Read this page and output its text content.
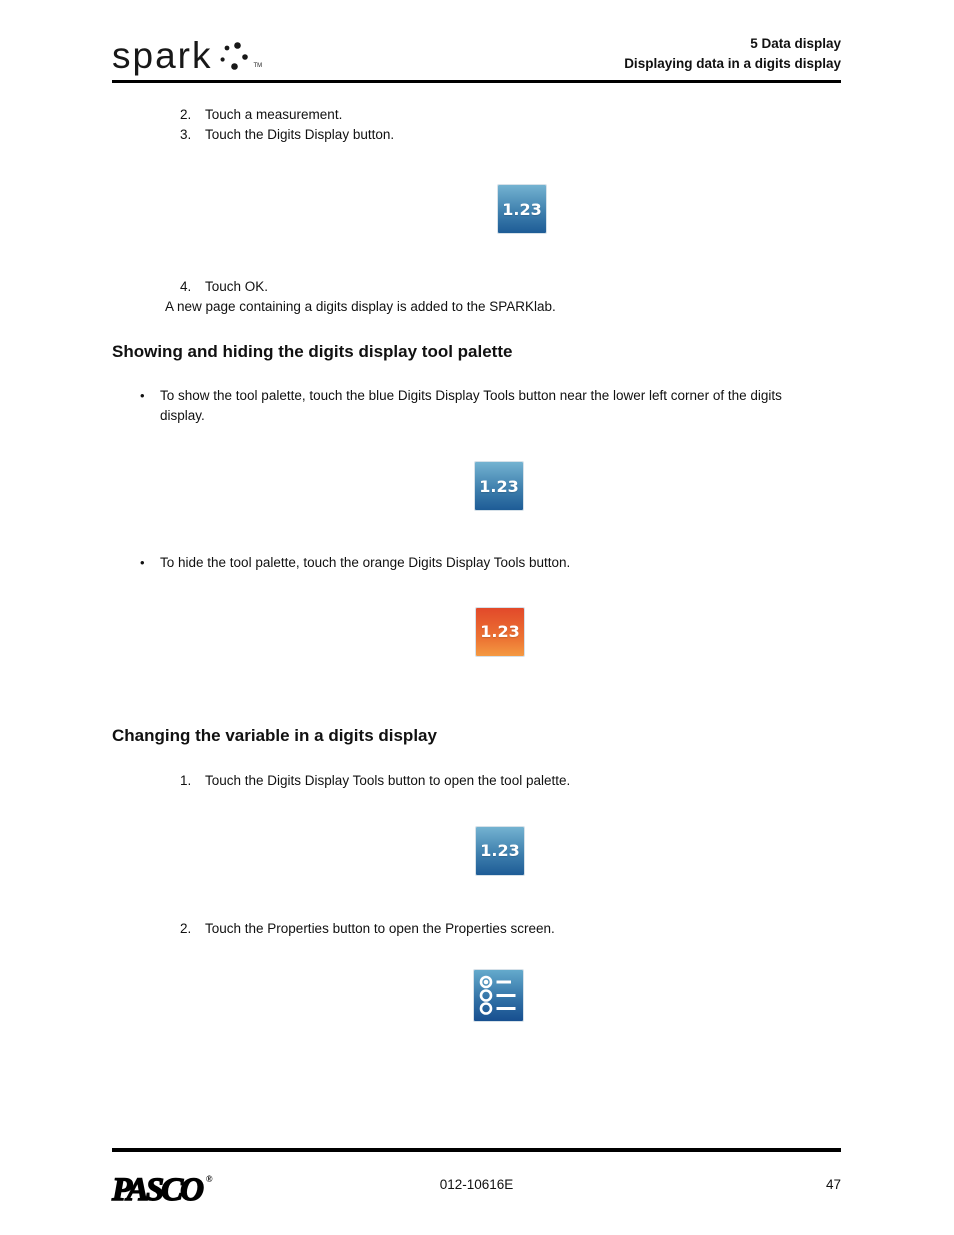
spark	TM
5 Data display
Displaying data in a digits display
2.	Touch a measurement.
3.	Touch the Digits Display button.
1.23
4.	Touch OK.
A new page containing a digits display is added to the SPARKlab.
Showing and hiding the digits display tool palette
•	To show the tool palette, touch the blue Digits Display Tools button near the lower left corner of the digits display.
1.23
•	To hide the tool palette, touch the orange Digits Display Tools button.
1.23
Changing the variable in a digits display
1.	Touch the Digits Display Tools button to open the tool palette.
1.23
2.	Touch the Properties button to open the Properties screen.
PASCO ®	012-10616E	47
